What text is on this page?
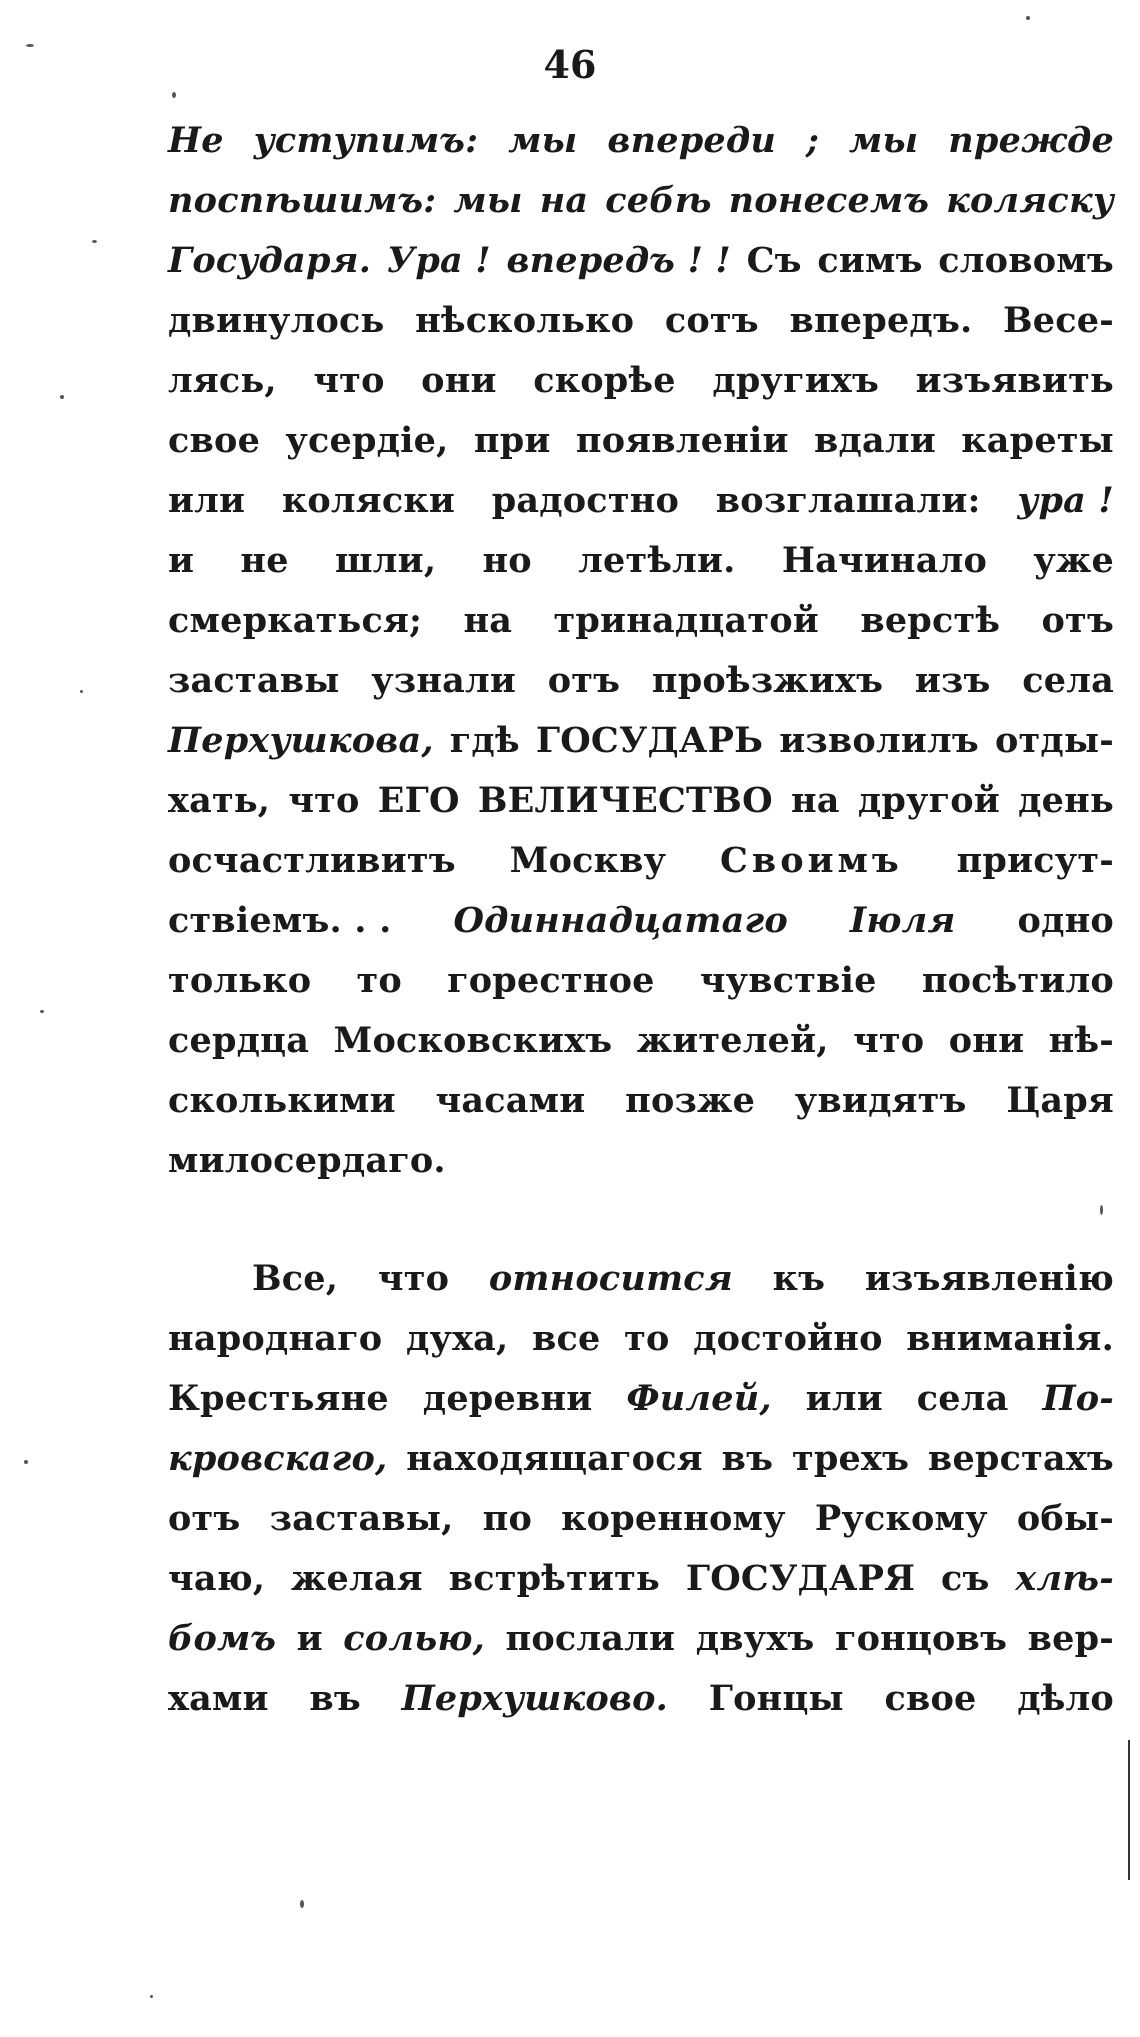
46
Не уступимъ: мы впереди ; мы прежде
поспѣшимъ: мы на себѣ понесемъ коляску
Государя. Ура ! впередъ ! ! Съ симъ словомъ
двинулось нѣсколько сотъ впередъ. Весе-
лясь, что они скорѣе другихъ изъявить
свое усердіе, при появленіи вдали кареты
или коляски радостно возглашали: ура !
и не шли, но летѣли. Начинало уже
смеркаться; на тринадцатой верстѣ отъ
заставы узнали отъ проѣзжихъ изъ села
Перхушкова, гдѣ ГОСУДАРЬ изволилъ отды-
хать, что ЕГО ВЕЛИЧЕСТВО на другой день
осчастливитъ Москву Своимъ присут-
ствіемъ. . . Одиннадцатаго Іюля одно
только то горестное чувствіе посѣтило
сердца Московскихъ жителей, что они нѣ-
сколькими часами позже увидятъ Царя
милосердаго.
Все, что относится къ изъявленію
народнаго духа, все то достойно вниманія.
Крестьяне деревни Филей, или села По-
кровскаго, находящагося въ трехъ верстахъ
отъ заставы, по коренному Рускому обы-
чаю, желая встрѣтить ГОСУДАРЯ съ хлѣ-
бомъ и солью, послали двухъ гонцовъ вер-
хами въ Перхушково. Гонцы свое дѣло
